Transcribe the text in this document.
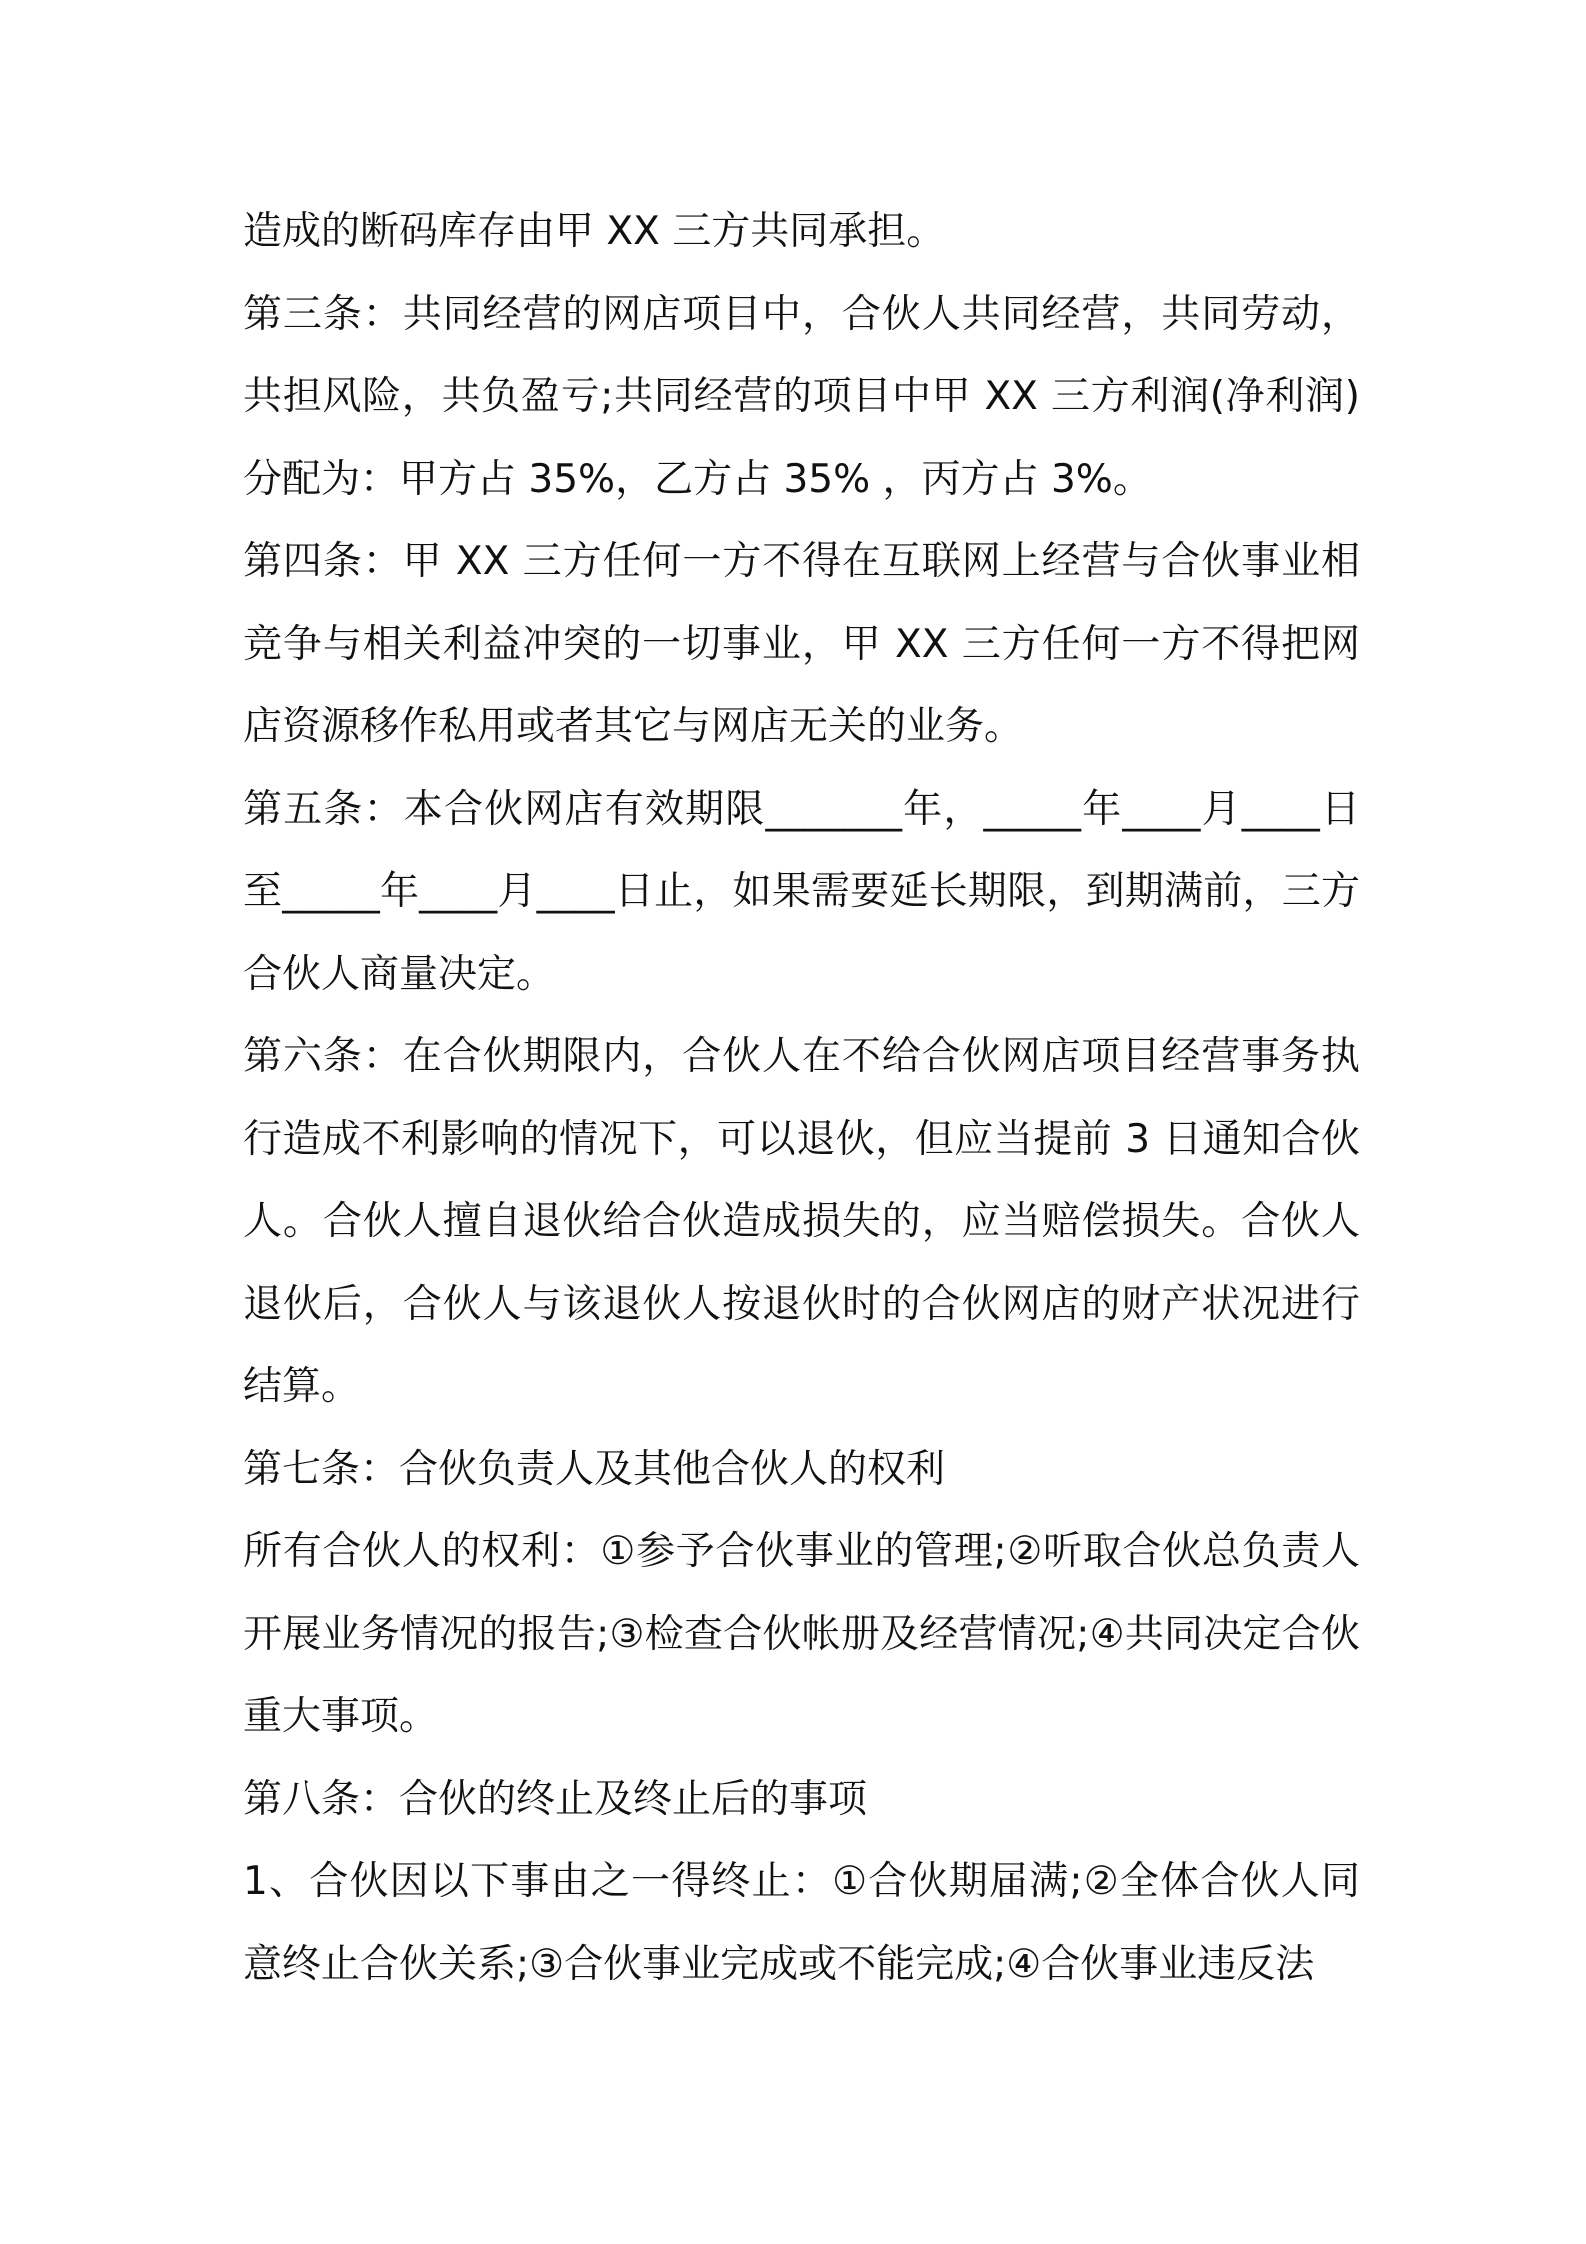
造成的断码库存由甲 XX 三方共同承担。

第三条：共同经营的网店项目中，合伙人共同经营，共同劳动，共担风险，共负盈亏;共同经营的项目中甲 XX 三方利润(净利润)分配为：甲方占 35%，乙方占 35% ，丙方占 3%。

第四条：甲 XX 三方任何一方不得在互联网上经营与合伙事业相竞争与相关利益冲突的一切事业，甲 XX 三方任何一方不得把网店资源移作私用或者其它与网店无关的业务。

第五条：本合伙网店有效期限_______年，_____年____月____日至_____年____月____日止，如果需要延长期限，到期满前，三方合伙人商量决定。

第六条：在合伙期限内，合伙人在不给合伙网店项目经营事务执行造成不利影响的情况下，可以退伙，但应当提前 3 日通知合伙人。合伙人擅自退伙给合伙造成损失的，应当赔偿损失。合伙人退伙后，合伙人与该退伙人按退伙时的合伙网店的财产状况进行结算。

第七条：合伙负责人及其他合伙人的权利

所有合伙人的权利：①参予合伙事业的管理;②听取合伙总负责人开展业务情况的报告;③检查合伙帐册及经营情况;④共同决定合伙重大事项。

第八条：合伙的终止及终止后的事项

1、合伙因以下事由之一得终止：①合伙期届满;②全体合伙人同意终止合伙关系;③合伙事业完成或不能完成;④合伙事业违反法
